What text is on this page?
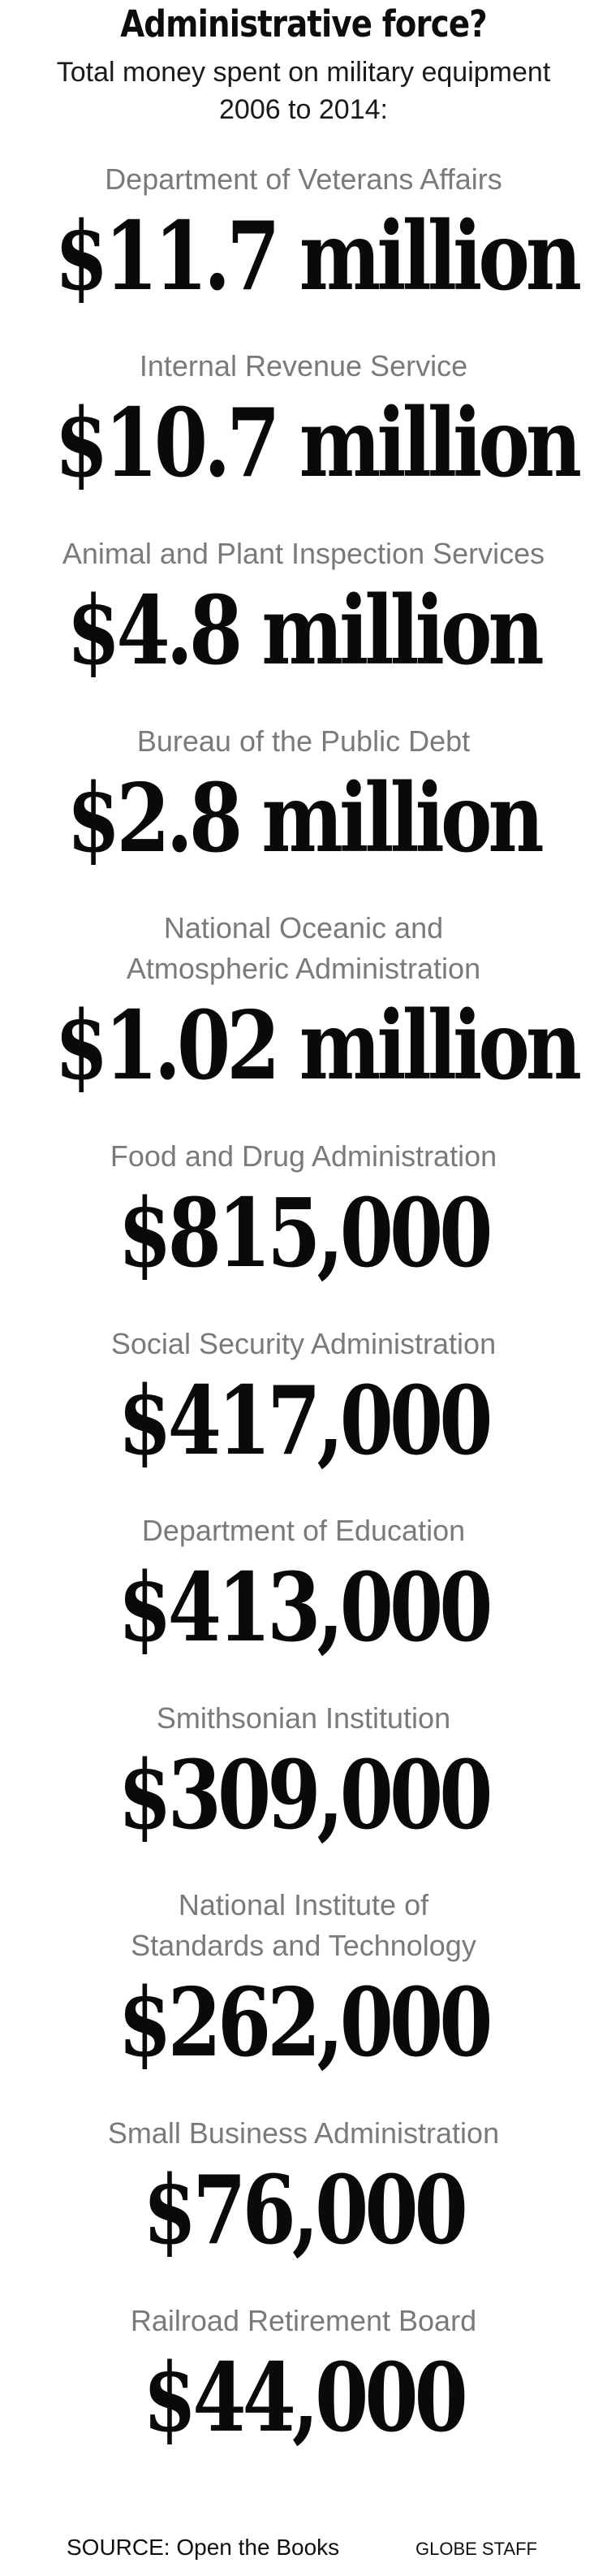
Administrative force?
Total money spent on military equipment
2006 to 2014:
Department of Veterans Affairs
$11.7 million
Internal Revenue Service
$10.7 million
Animal and Plant Inspection Services
$4.8 million
Bureau of the Public Debt
$2.8 million
National Oceanic and
Atmospheric Administration
$1.02 million
Food and Drug Administration
$815,000
Social Security Administration
$417,000
Department of Education
$413,000
Smithsonian Institution
$309,000
National Institute of
Standards and Technology
$262,000
Small Business Administration
$76,000
Railroad Retirement Board
$44,000
SOURCE: Open the Books	GLOBE STAFF
